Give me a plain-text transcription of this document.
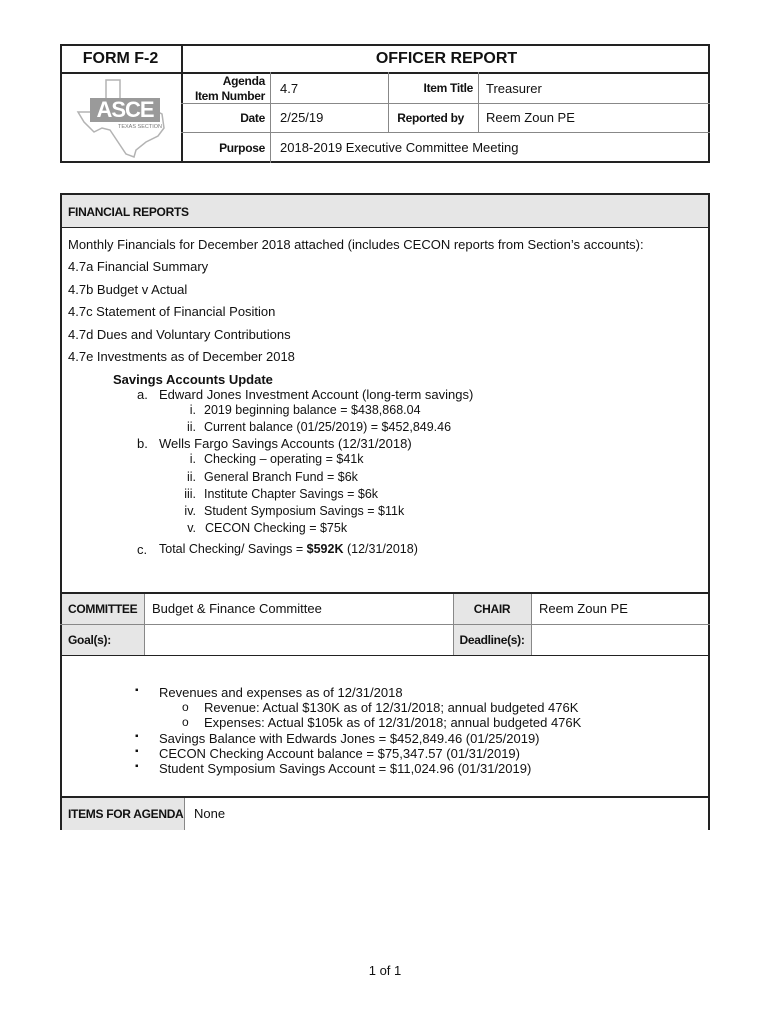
FORM F-2	OFFICER REPORT
ASCE
TEXAS SECTION
Agenda
Item Number 4.7	Item Title Treasurer
Date 2/25/19	Reported by Reem Zoun PE
Purpose 2018-2019 Executive Committee Meeting
FINANCIAL REPORTS
Monthly Financials for December 2018 attached (includes CECON reports from Section’s accounts):
4.7a Financial Summary
4.7b Budget v Actual
4.7c Statement of Financial Position
4.7d Dues and Voluntary Contributions
4.7e Investments as of December 2018
Savings Accounts Update
a. Edward Jones Investment Account (long-term savings)
i. 2019 beginning balance = $438,868.04
ii. Current balance (01/25/2019) = $452,849.46
b. Wells Fargo Savings Accounts (12/31/2018)
i. Checking – operating = $41k
ii. General Branch Fund = $6k
iii. Institute Chapter Savings = $6k
iv. Student Symposium Savings = $11k
v. CECON Checking = $75k
c. Total Checking/ Savings = $592K (12/31/2018)
COMMITTEE Budget & Finance Committee	CHAIR	Reem Zoun PE
Goal(s):	Deadline(s):
▪ Revenues and expenses as of 12/31/2018
o Revenue: Actual $130K as of 12/31/2018; annual budgeted 476K
o Expenses: Actual $105k as of 12/31/2018; annual budgeted 476K
▪ Savings Balance with Edwards Jones = $452,849.46 (01/25/2019)
▪ CECON Checking Account balance = $75,347.57 (01/31/2019)
▪ Student Symposium Savings Account = $11,024.96 (01/31/2019)
ITEMS FOR AGENDA None
1 of 1
